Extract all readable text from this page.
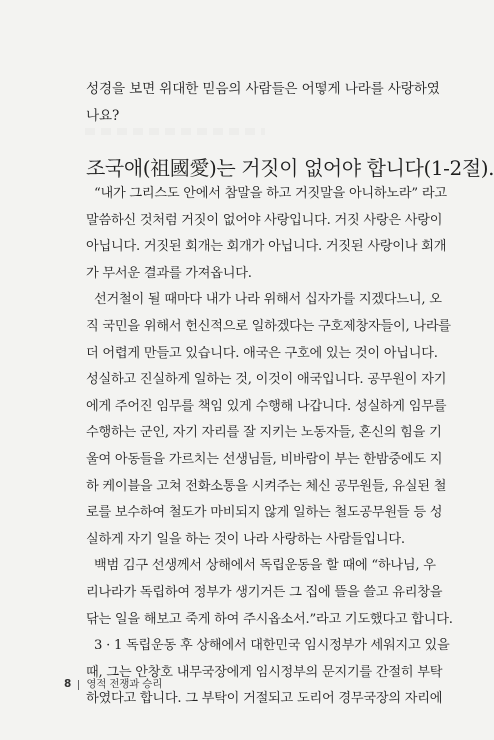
성경을 보면 위대한 믿음의 사람들은 어떻게 나라를 사랑하였
나요?
조국애(祖國愛)는 거짓이 없어야 합니다(1-2절).
“내가 그리스도 안에서 참말을 하고 거짓말을 아니하노라” 라고
말씀하신 것처럼 거짓이 없어야 사랑입니다. 거짓 사랑은 사랑이
아닙니다. 거짓된 회개는 회개가 아닙니다. 거짓된 사랑이나 회개
가 무서운 결과를 가져옵니다.
선거철이 될 때마다 내가 나라 위해서 십자가를 지겠다느니, 오
직 국민을 위해서 헌신적으로 일하겠다는 구호제창자들이, 나라를
더 어렵게 만들고 있습니다. 애국은 구호에 있는 것이 아닙니다.
성실하고 진실하게 일하는 것, 이것이 애국입니다. 공무원이 자기
에게 주어진 임무를 책임 있게 수행해 나갑니다. 성실하게 임무를
수행하는 군인, 자기 자리를 잘 지키는 노동자들, 혼신의 힘을 기
울여 아동들을 가르치는 선생님들, 비바람이 부는 한밤중에도 지
하 케이블을 고쳐 전화소통을 시켜주는 체신 공무원들, 유실된 철
로를 보수하여 철도가 마비되지 않게 일하는 철도공무원들 등 성
실하게 자기 일을 하는 것이 나라 사랑하는 사람들입니다.
백범 김구 선생께서 상해에서 독립운동을 할 때에 “하나님, 우
리나라가 독립하여 정부가 생기거든 그 집에 뜰을 쓸고 유리창을
닦는 일을 해보고 죽게 하여 주시옵소서.”라고 기도했다고 합니다.
3 · 1 독립운동 후 상해에서 대한민국 임시정부가 세워지고 있을
때, 그는 안창호 내무국장에게 임시정부의 문지기를 간절히 부탁
하였다고 합니다. 그 부탁이 거절되고 도리어 경무국장의 자리에
8 영적 전쟁과 승리
